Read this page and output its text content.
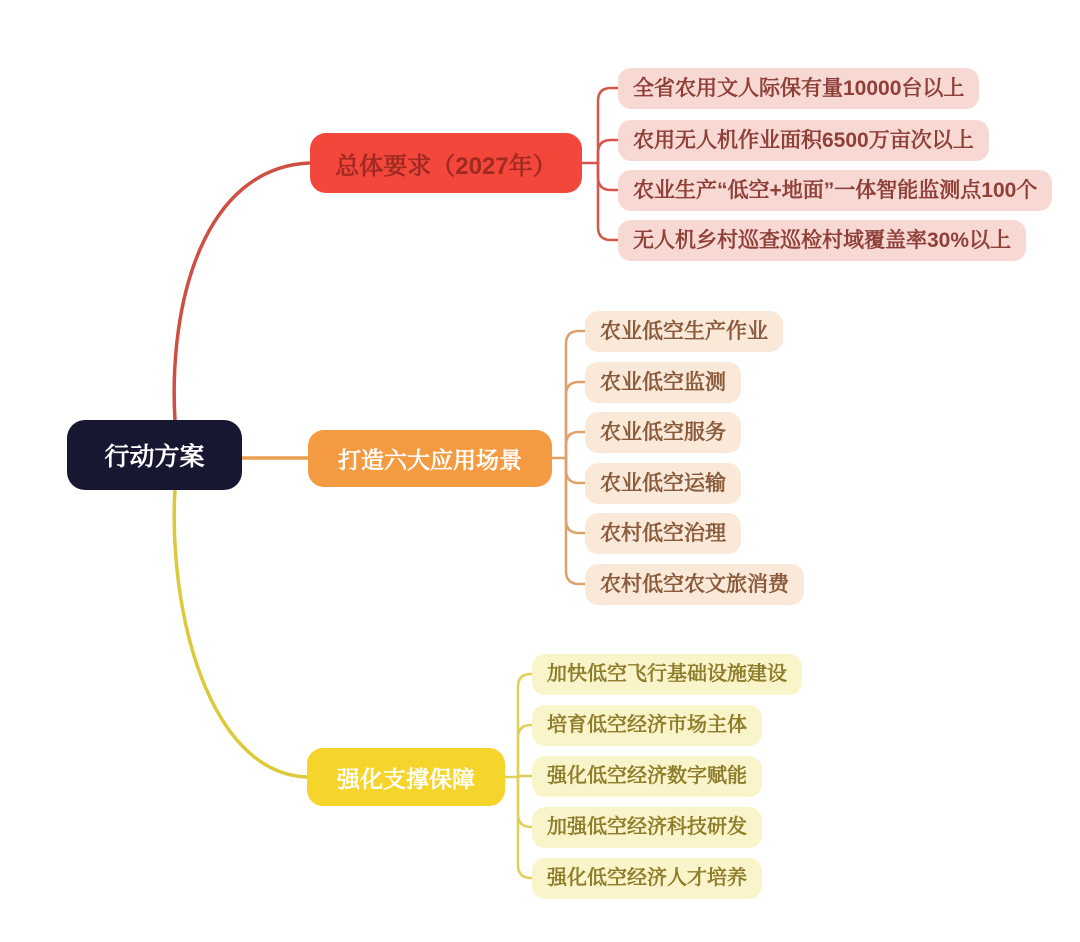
行动方案
总体要求（2027年）
打造六大应用场景
强化支撑保障
全省农用文人际保有量10000台以上
农用无人机作业面积6500万亩次以上
农业生产“低空+地面”一体智能监测点100个
无人机乡村巡查巡检村域覆盖率30%以上
农业低空生产作业
农业低空监测
农业低空服务
农业低空运输
农村低空治理
农村低空农文旅消费
加快低空飞行基础设施建设
培育低空经济市场主体
强化低空经济数字赋能
加强低空经济科技研发
强化低空经济人才培养
